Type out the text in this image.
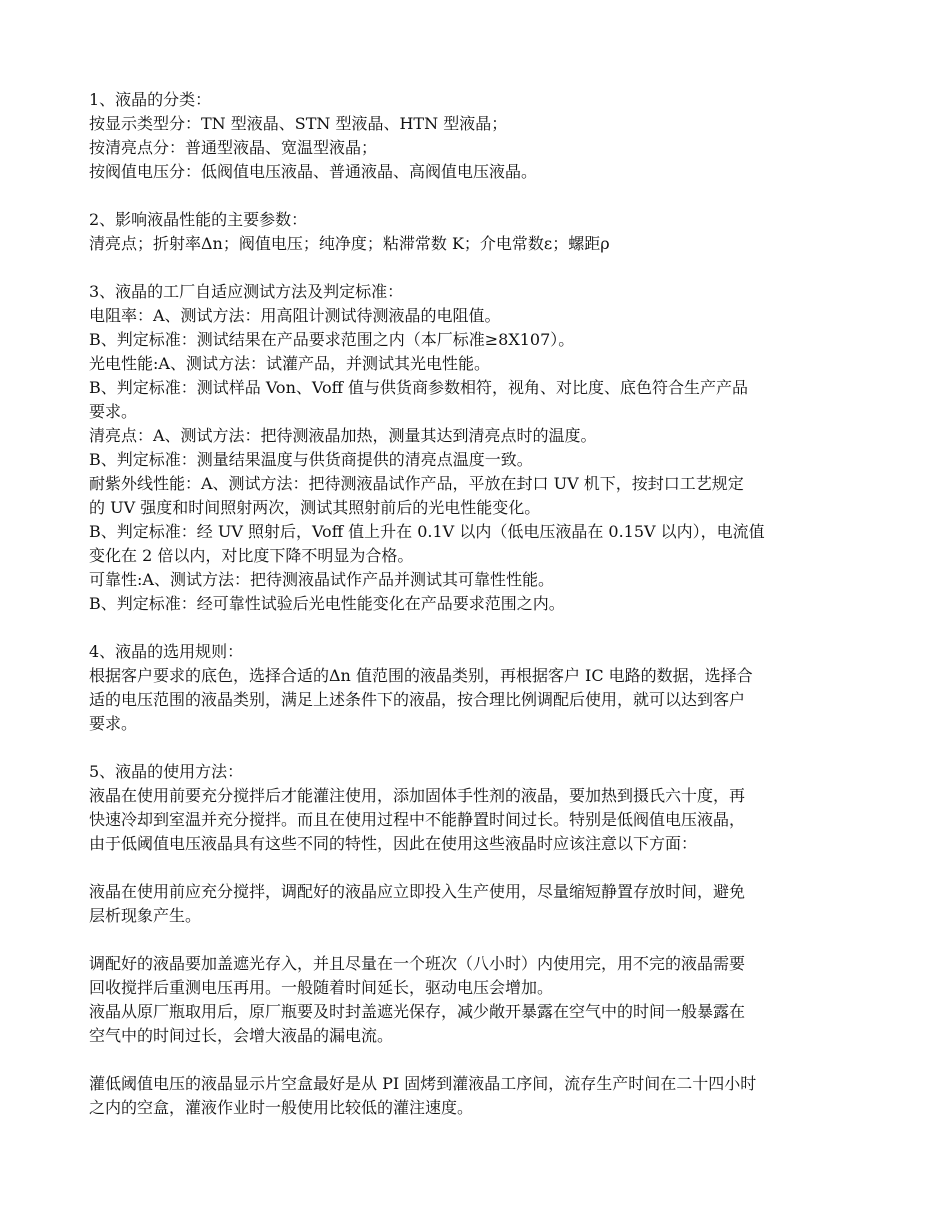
1、液晶的分类：
按显示类型分：TN 型液晶、STN 型液晶、HTN 型液晶；
按清亮点分：普通型液晶、宽温型液晶；
按阀值电压分：低阀值电压液晶、普通液晶、高阀值电压液晶。
2、影响液晶性能的主要参数：
清亮点；折射率Δn；阀值电压；纯净度；粘滞常数 K；介电常数ε；螺距ρ
3、液晶的工厂自适应测试方法及判定标准：
电阻率：A、测试方法：用高阻计测试待测液晶的电阻值。
B、判定标准：测试结果在产品要求范围之内（本厂标准≥8X107）。
光电性能:A、测试方法：试灌产品，并测试其光电性能。
B、判定标准：测试样品 Von、Voff 值与供货商参数相符，视角、对比度、底色符合生产产品
要求。
清亮点：A、测试方法：把待测液晶加热，测量其达到清亮点时的温度。
B、判定标准：测量结果温度与供货商提供的清亮点温度一致。
耐紫外线性能：A、测试方法：把待测液晶试作产品，平放在封口 UV 机下，按封口工艺规定
的 UV 强度和时间照射两次，测试其照射前后的光电性能变化。
B、判定标准：经 UV 照射后，Voff 值上升在 0.1V 以内（低电压液晶在 0.15V 以内），电流值
变化在 2 倍以内，对比度下降不明显为合格。
可靠性:A、测试方法：把待测液晶试作产品并测试其可靠性性能。
B、判定标准：经可靠性试验后光电性能变化在产品要求范围之内。
4、液晶的选用规则：
根据客户要求的底色，选择合适的Δn 值范围的液晶类别，再根据客户 IC 电路的数据，选择合
适的电压范围的液晶类别，满足上述条件下的液晶，按合理比例调配后使用，就可以达到客户
要求。
5、液晶的使用方法：
液晶在使用前要充分搅拌后才能灌注使用，添加固体手性剂的液晶，要加热到摄氏六十度，再
快速冷却到室温并充分搅拌。而且在使用过程中不能静置时间过长。特别是低阀值电压液晶，
由于低阈值电压液晶具有这些不同的特性，因此在使用这些液晶时应该注意以下方面：
液晶在使用前应充分搅拌，调配好的液晶应立即投入生产使用，尽量缩短静置存放时间，避免
层析现象产生。
调配好的液晶要加盖遮光存入，并且尽量在一个班次（八小时）内使用完，用不完的液晶需要
回收搅拌后重测电压再用。一般随着时间延长，驱动电压会增加。
液晶从原厂瓶取用后，原厂瓶要及时封盖遮光保存，减少敞开暴露在空气中的时间一般暴露在
空气中的时间过长，会增大液晶的漏电流。
灌低阈值电压的液晶显示片空盒最好是从 PI 固烤到灌液晶工序间，流存生产时间在二十四小时
之内的空盒，灌液作业时一般使用比较低的灌注速度。
